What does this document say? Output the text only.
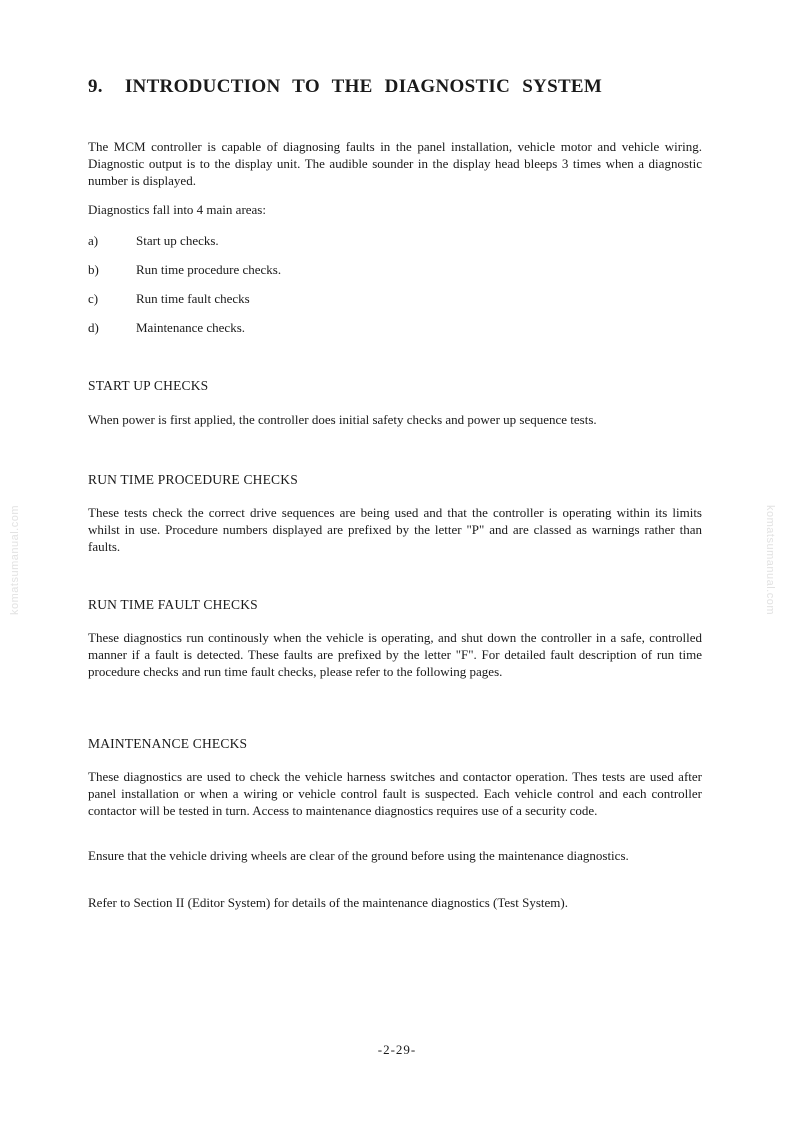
9. INTRODUCTION TO THE DIAGNOSTIC SYSTEM

The MCM controller is capable of diagnosing faults in the panel installation, vehicle motor and vehicle wiring. Diagnostic output is to the display unit. The audible sounder in the display head bleeps 3 times when a diagnostic number is displayed.

Diagnostics fall into 4 main areas:

a)	Start up checks.
b)	Run time procedure checks.
c)	Run time fault checks
d)	Maintenance checks.
START UP CHECKS

When power is first applied, the controller does initial safety checks and power up sequence tests.

RUN TIME PROCEDURE CHECKS

These tests check the correct drive sequences are being used and that the controller is operating within its limits whilst in use. Procedure numbers displayed are prefixed by the letter "P" and are classed as warnings rather than faults.

RUN TIME FAULT CHECKS

These diagnostics run continously when the vehicle is operating, and shut down the controller in a safe, controlled manner if a fault is detected. These faults are prefixed by the letter "F". For detailed fault description of run time procedure checks and run time fault checks, please refer to the following pages.

MAINTENANCE CHECKS

These diagnostics are used to check the vehicle harness switches and contactor operation. Thes tests are used after panel installation or when a wiring or vehicle control fault is suspected. Each vehicle control and each controller contactor will be tested in turn. Access to maintenance diagnostics requires use of a security code.

Ensure that the vehicle driving wheels are clear of the ground before using the maintenance diagnostics.

Refer to Section II (Editor System) for details of the maintenance diagnostics (Test System).

komatsumanual.com	komatsumanual.com
-2-29-
